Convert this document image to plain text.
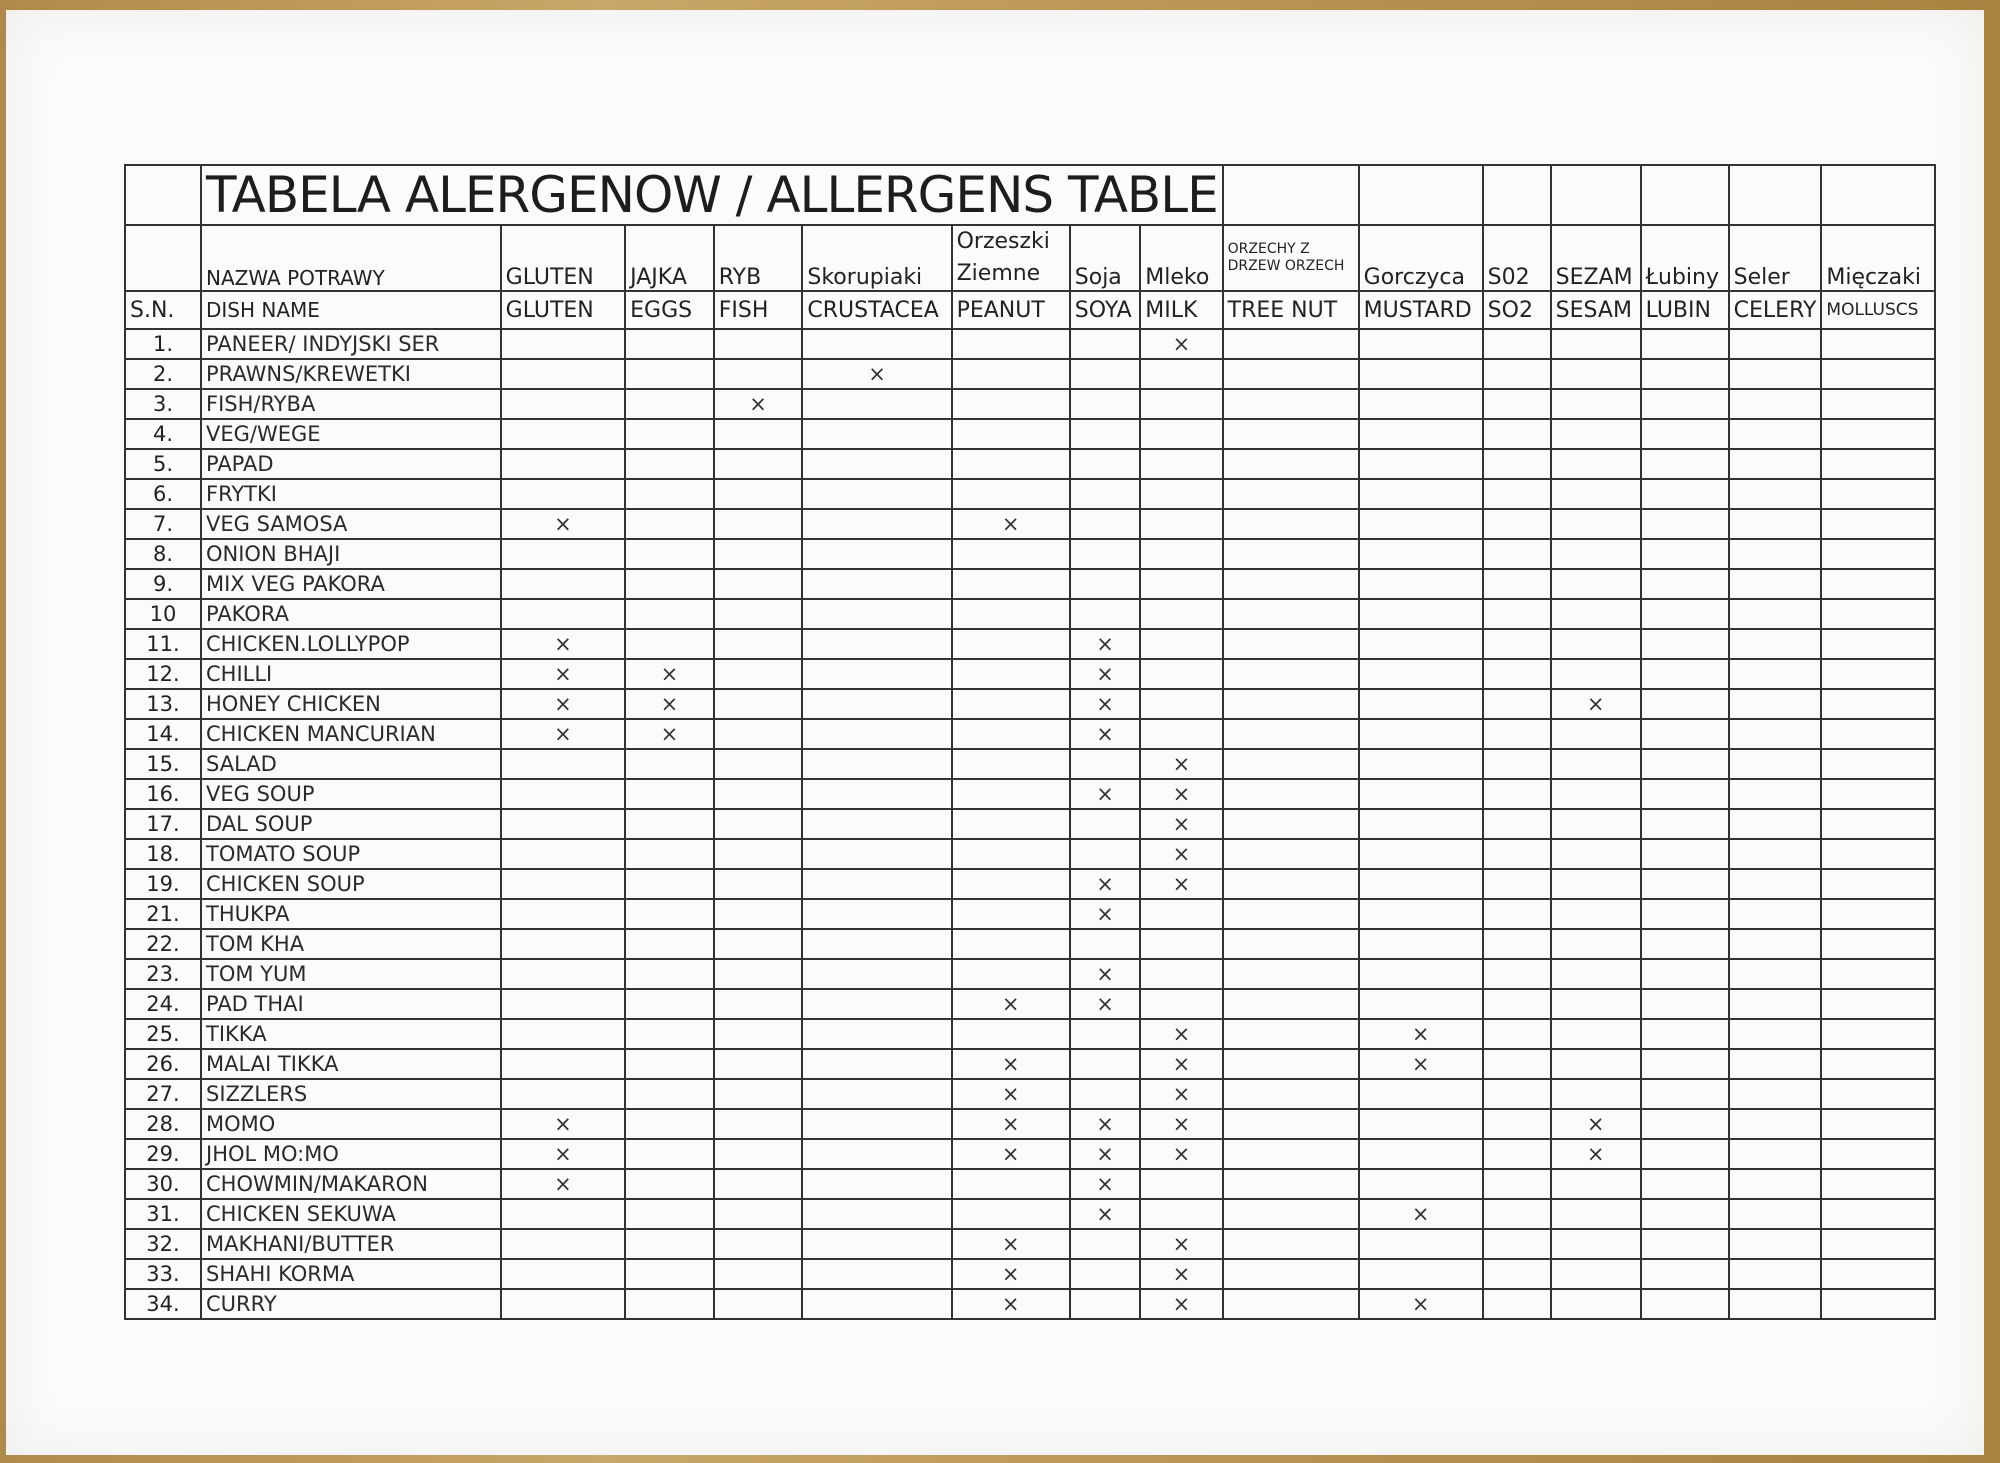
	TABELA ALERGENOW / ALLERGENS TABLE														
	NAZWA POTRAWY	GLUTEN	JAJKA	RYB	Skorupiaki	Orzeszki Ziemne	Soja	Mleko	ORZECHY Z DRZEW ORZECH	Gorczyca	S02	SEZAM	Łubiny	Seler	Mięczaki
S.N.	DISH NAME	GLUTEN	EGGS	FISH	CRUSTACEA	PEANUT	SOYA	MILK	TREE NUT	MUSTARD	SO2	SESAM	LUBIN	CELERY	MOLLUSCS
1.	PANEER/ INDYJSKI SER							×							
2.	PRAWNS/KREWETKI				×										
3.	FISH/RYBA			×											
4.	VEG/WEGE														
5.	PAPAD														
6.	FRYTKI														
7.	VEG SAMOSA	×				×									
8.	ONION BHAJI														
9.	MIX VEG PAKORA														
10	PAKORA														
11.	CHICKEN.LOLLYPOP	×					×								
12.	CHILLI	×	×				×								
13.	HONEY CHICKEN	×	×				×					×			
14.	CHICKEN MANCURIAN	×	×				×								
15.	SALAD							×							
16.	VEG SOUP						×	×							
17.	DAL SOUP							×							
18.	TOMATO SOUP							×							
19.	CHICKEN SOUP						×	×							
21.	THUKPA						×								
22.	TOM KHA														
23.	TOM YUM						×								
24.	PAD THAI					×	×								
25.	TIKKA							×		×					
26.	MALAI TIKKA					×		×		×					
27.	SIZZLERS					×		×							
28.	MOMO	×				×	×	×				×			
29.	JHOL MO:MO	×				×	×	×				×			
30.	CHOWMIN/MAKARON	×					×								
31.	CHICKEN SEKUWA						×			×					
32.	MAKHANI/BUTTER					×		×							
33.	SHAHI KORMA					×		×							
34.	CURRY					×		×		×					
